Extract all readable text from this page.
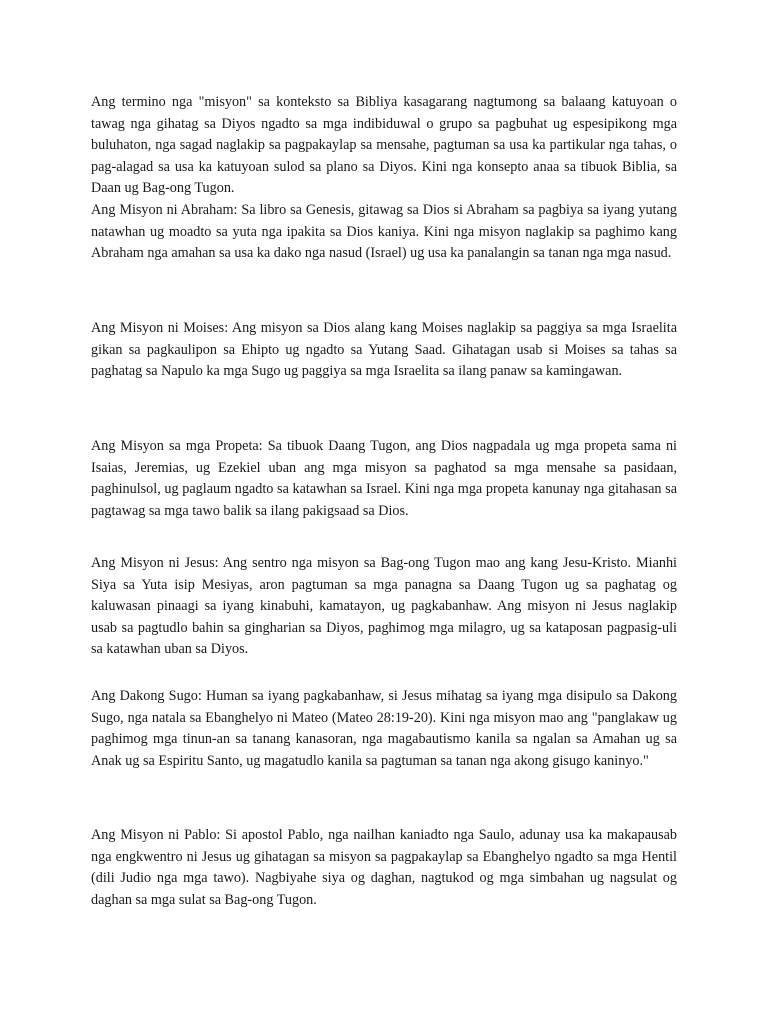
Ang termino nga "misyon" sa konteksto sa Bibliya kasagarang nagtumong sa balaang katuyoan o tawag nga gihatag sa Diyos ngadto sa mga indibiduwal o grupo sa pagbuhat ug espesipikong mga buluhaton, nga sagad naglakip sa pagpakaylap sa mensahe, pagtuman sa usa ka partikular nga tahas, o pag-alagad sa usa ka katuyoan sulod sa plano sa Diyos. Kini nga konsepto anaa sa tibuok Biblia, sa Daan ug Bag-ong Tugon.

Ang Misyon ni Abraham: Sa libro sa Genesis, gitawag sa Dios si Abraham sa pagbiya sa iyang yutang natawhan ug moadto sa yuta nga ipakita sa Dios kaniya. Kini nga misyon naglakip sa paghimo kang Abraham nga amahan sa usa ka dako nga nasud (Israel) ug usa ka panalangin sa tanan nga mga nasud.

Ang Misyon ni Moises: Ang misyon sa Dios alang kang Moises naglakip sa paggiya sa mga Israelita gikan sa pagkaulipon sa Ehipto ug ngadto sa Yutang Saad. Gihatagan usab si Moises sa tahas sa paghatag sa Napulo ka mga Sugo ug paggiya sa mga Israelita sa ilang panaw sa kamingawan.

Ang Misyon sa mga Propeta: Sa tibuok Daang Tugon, ang Dios nagpadala ug mga propeta sama ni Isaias, Jeremias, ug Ezekiel uban ang mga misyon sa paghatod sa mga mensahe sa pasidaan, paghinulsol, ug paglaum ngadto sa katawhan sa Israel. Kini nga mga propeta kanunay nga gitahasan sa pagtawag sa mga tawo balik sa ilang pakigsaad sa Dios.

Ang Misyon ni Jesus: Ang sentro nga misyon sa Bag-ong Tugon mao ang kang Jesu-Kristo. Mianhi Siya sa Yuta isip Mesiyas, aron pagtuman sa mga panagna sa Daang Tugon ug sa paghatag og kaluwasan pinaagi sa iyang kinabuhi, kamatayon, ug pagkabanhaw. Ang misyon ni Jesus naglakip usab sa pagtudlo bahin sa gingharian sa Diyos, paghimog mga milagro, ug sa kataposan pagpasig-uli sa katawhan uban sa Diyos.

Ang Dakong Sugo: Human sa iyang pagkabanhaw, si Jesus mihatag sa iyang mga disipulo sa Dakong Sugo, nga natala sa Ebanghelyo ni Mateo (Mateo 28:19-20). Kini nga misyon mao ang "panglakaw ug paghimog mga tinun-an sa tanang kanasoran, nga magabautismo kanila sa ngalan sa Amahan ug sa Anak ug sa Espiritu Santo, ug magatudlo kanila sa pagtuman sa tanan nga akong gisugo kaninyo."

Ang Misyon ni Pablo: Si apostol Pablo, nga nailhan kaniadto nga Saulo, adunay usa ka makapausab nga engkwentro ni Jesus ug gihatagan sa misyon sa pagpakaylap sa Ebanghelyo ngadto sa mga Hentil (dili Judio nga mga tawo). Nagbiyahe siya og daghan, nagtukod og mga simbahan ug nagsulat og daghan sa mga sulat sa Bag-ong Tugon.
